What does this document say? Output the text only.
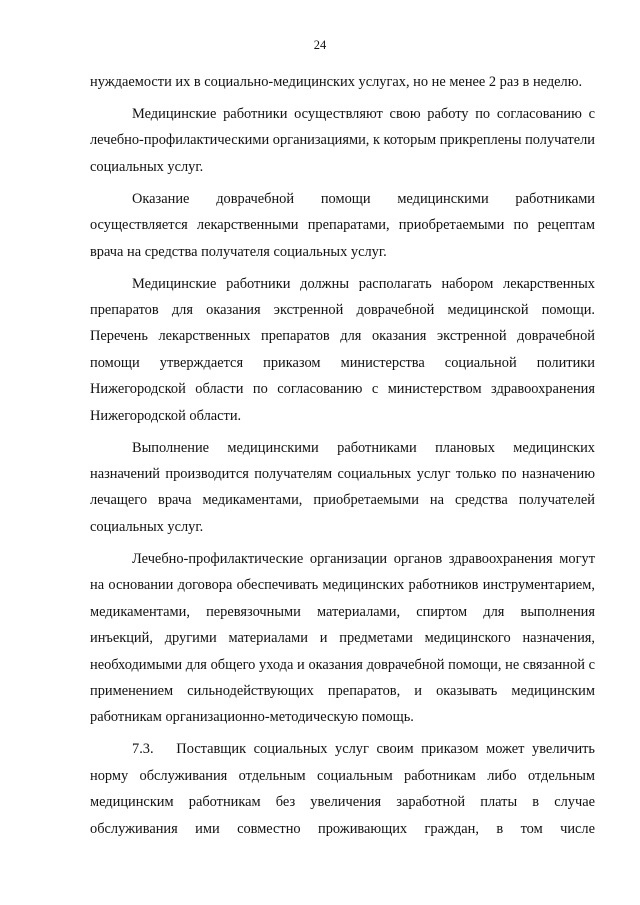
24

нуждаемости их в социально-медицинских услугах, но не менее 2 раз в неделю.

Медицинские работники осуществляют свою работу по согласованию с лечебно-профилактическими организациями, к которым прикреплены получатели социальных услуг.

Оказание доврачебной помощи медицинскими работниками осуществляется лекарственными препаратами, приобретаемыми по рецептам врача на средства получателя социальных услуг.

Медицинские работники должны располагать набором лекарственных препаратов для оказания экстренной доврачебной медицинской помощи. Перечень лекарственных препаратов для оказания экстренной доврачебной помощи утверждается приказом министерства социальной политики Нижегородской области по согласованию с министерством здравоохранения Нижегородской области.

Выполнение медицинскими работниками плановых медицинских назначений производится получателям социальных услуг только по назначению лечащего врача медикаментами, приобретаемыми на средства получателей социальных услуг.

Лечебно-профилактические организации органов здравоохранения могут на основании договора обеспечивать медицинских работников инструментарием, медикаментами, перевязочными материалами, спиртом для выполнения инъекций, другими материалами и предметами медицинского назначения, необходимыми для общего ухода и оказания доврачебной помощи, не связанной с применением сильнодействующих препаратов, и оказывать медицинским работникам организационно-методическую помощь.

7.3.   Поставщик социальных услуг своим приказом может увеличить норму обслуживания отдельным социальным работникам либо отдельным медицинским работникам без увеличения заработной платы в случае обслуживания ими совместно проживающих граждан, в том числе
